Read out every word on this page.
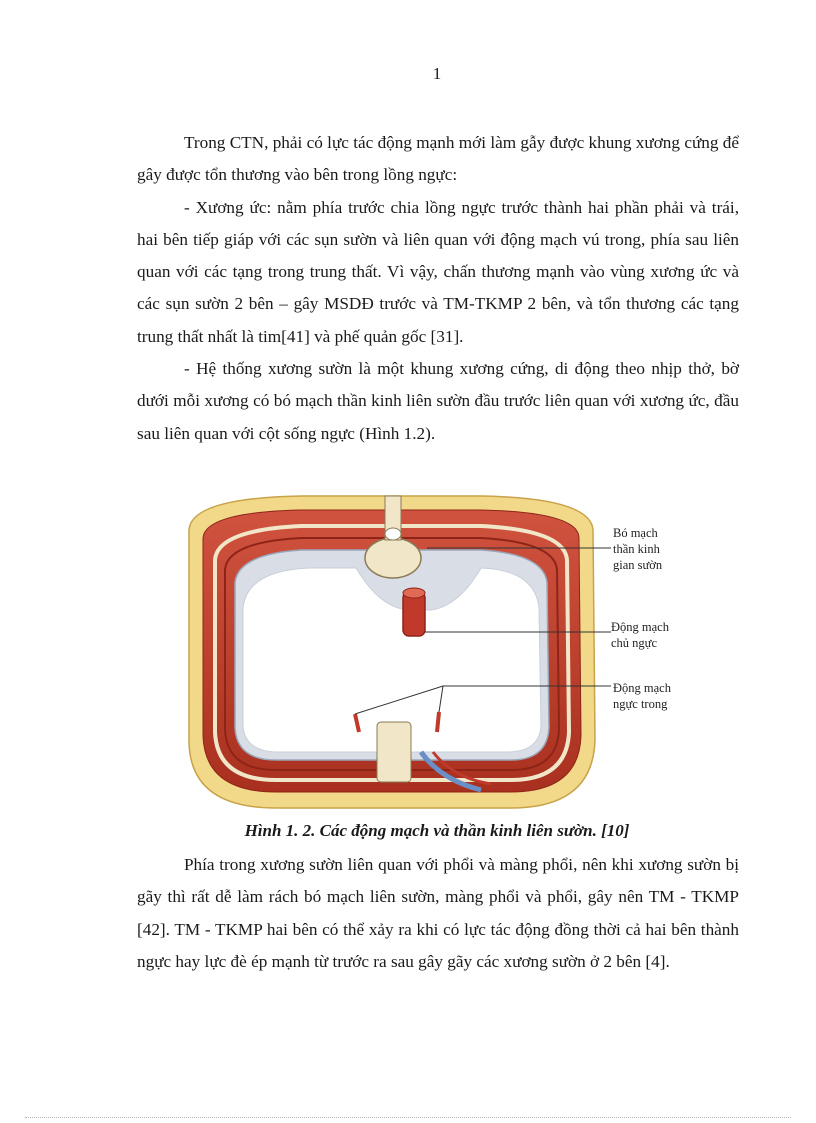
1

Trong CTN, phải có lực tác động mạnh mới làm gẫy được khung xương cứng để gây được tổn thương vào bên trong lồng ngực:

- Xương ức: nằm phía trước chia lồng ngực trước thành hai phần phải và trái, hai bên tiếp giáp với các sụn sườn và liên quan với động mạch vú trong, phía sau liên quan với các tạng trong trung thất. Vì vậy, chấn thương mạnh vào vùng xương ức và các sụn sườn 2 bên – gây MSDĐ trước và TM-TKMP 2 bên, và tổn thương các tạng trung thất nhất là tim[41] và phế quản gốc [31].

- Hệ thống xương sườn là một khung xương cứng, di động theo nhịp thở, bờ dưới mỗi xương có bó mạch thần kinh liên sườn đầu trước liên quan với xương ức, đầu sau liên quan với cột sống ngực (Hình 1.2).

Bó mạch
thần kinh
gian sườn
Động mạch
chủ ngực
Động mạch
ngực trong
Hình 1. 2. Các động mạch và thần kinh liên sườn. [10]

Phía trong xương sườn liên quan với phổi và màng phổi, nên khi xương sườn bị gãy thì rất dễ làm rách bó mạch liên sườn, màng phổi và phổi, gây nên TM - TKMP [42]. TM - TKMP hai bên có thể xảy ra khi có lực tác động đồng thời cả hai bên thành ngực hay lực đè ép mạnh từ trước ra sau gây gãy các xương sườn ở 2 bên [4].
